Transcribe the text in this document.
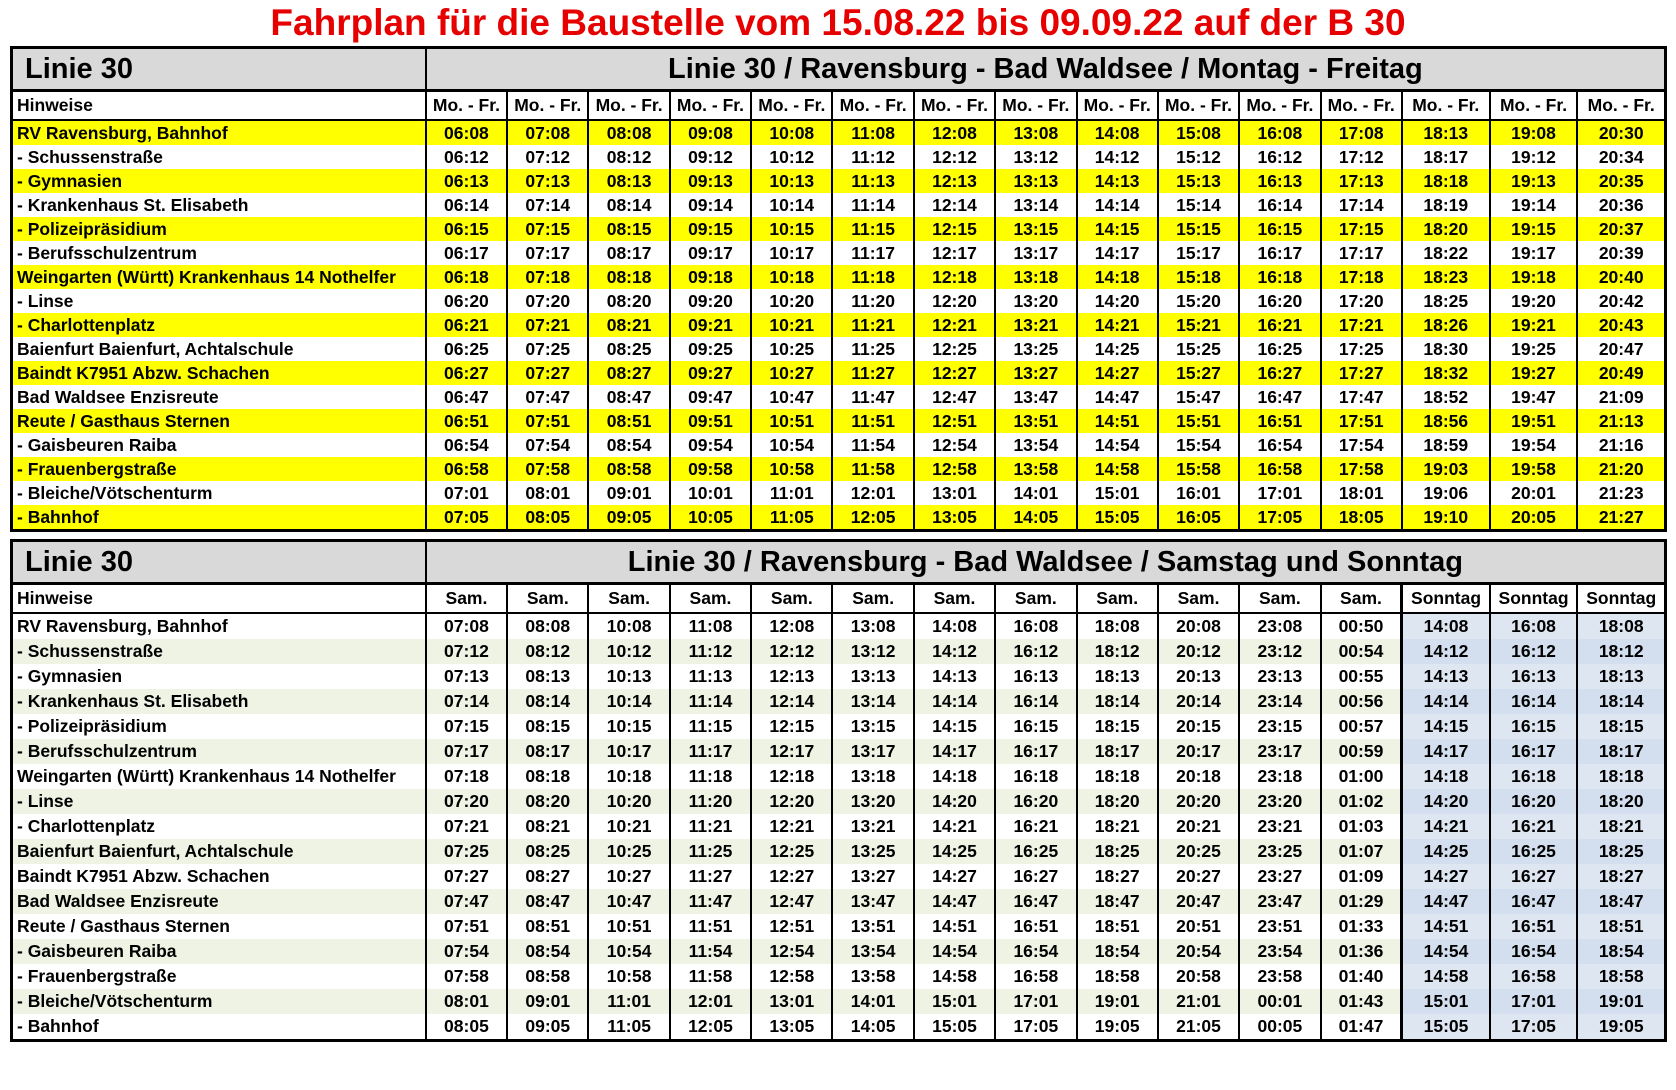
Fahrplan für die Baustelle vom 15.08.22 bis 09.09.22 auf der B 30
Linie 30	Linie 30 / Ravensburg - Bad Waldsee / Montag - Freitag														
Hinweise	Mo. - Fr.	Mo. - Fr.	Mo. - Fr.	Mo. - Fr.	Mo. - Fr.	Mo. - Fr.	Mo. - Fr.	Mo. - Fr.	Mo. - Fr.	Mo. - Fr.	Mo. - Fr.	Mo. - Fr.	Mo. - Fr.	Mo. - Fr.	Mo. - Fr.
RV Ravensburg, Bahnhof	06:08	07:08	08:08	09:08	10:08	11:08	12:08	13:08	14:08	15:08	16:08	17:08	18:13	19:08	20:30
- Schussenstraße	06:12	07:12	08:12	09:12	10:12	11:12	12:12	13:12	14:12	15:12	16:12	17:12	18:17	19:12	20:34
- Gymnasien	06:13	07:13	08:13	09:13	10:13	11:13	12:13	13:13	14:13	15:13	16:13	17:13	18:18	19:13	20:35
- Krankenhaus St. Elisabeth	06:14	07:14	08:14	09:14	10:14	11:14	12:14	13:14	14:14	15:14	16:14	17:14	18:19	19:14	20:36
- Polizeipräsidium	06:15	07:15	08:15	09:15	10:15	11:15	12:15	13:15	14:15	15:15	16:15	17:15	18:20	19:15	20:37
- Berufsschulzentrum	06:17	07:17	08:17	09:17	10:17	11:17	12:17	13:17	14:17	15:17	16:17	17:17	18:22	19:17	20:39
Weingarten (Württ) Krankenhaus 14 Nothelfer	06:18	07:18	08:18	09:18	10:18	11:18	12:18	13:18	14:18	15:18	16:18	17:18	18:23	19:18	20:40
- Linse	06:20	07:20	08:20	09:20	10:20	11:20	12:20	13:20	14:20	15:20	16:20	17:20	18:25	19:20	20:42
- Charlottenplatz	06:21	07:21	08:21	09:21	10:21	11:21	12:21	13:21	14:21	15:21	16:21	17:21	18:26	19:21	20:43
Baienfurt Baienfurt, Achtalschule	06:25	07:25	08:25	09:25	10:25	11:25	12:25	13:25	14:25	15:25	16:25	17:25	18:30	19:25	20:47
Baindt K7951 Abzw. Schachen	06:27	07:27	08:27	09:27	10:27	11:27	12:27	13:27	14:27	15:27	16:27	17:27	18:32	19:27	20:49
Bad Waldsee Enzisreute	06:47	07:47	08:47	09:47	10:47	11:47	12:47	13:47	14:47	15:47	16:47	17:47	18:52	19:47	21:09
Reute / Gasthaus Sternen	06:51	07:51	08:51	09:51	10:51	11:51	12:51	13:51	14:51	15:51	16:51	17:51	18:56	19:51	21:13
- Gaisbeuren Raiba	06:54	07:54	08:54	09:54	10:54	11:54	12:54	13:54	14:54	15:54	16:54	17:54	18:59	19:54	21:16
- Frauenbergstraße	06:58	07:58	08:58	09:58	10:58	11:58	12:58	13:58	14:58	15:58	16:58	17:58	19:03	19:58	21:20
- Bleiche/Vötschenturm	07:01	08:01	09:01	10:01	11:01	12:01	13:01	14:01	15:01	16:01	17:01	18:01	19:06	20:01	21:23
- Bahnhof	07:05	08:05	09:05	10:05	11:05	12:05	13:05	14:05	15:05	16:05	17:05	18:05	19:10	20:05	21:27
Linie 30	Linie 30 / Ravensburg - Bad Waldsee / Samstag und Sonntag														
Hinweise	Sam.	Sam.	Sam.	Sam.	Sam.	Sam.	Sam.	Sam.	Sam.	Sam.	Sam.	Sam.	Sonntag	Sonntag	Sonntag
RV Ravensburg, Bahnhof	07:08	08:08	10:08	11:08	12:08	13:08	14:08	16:08	18:08	20:08	23:08	00:50	14:08	16:08	18:08
- Schussenstraße	07:12	08:12	10:12	11:12	12:12	13:12	14:12	16:12	18:12	20:12	23:12	00:54	14:12	16:12	18:12
- Gymnasien	07:13	08:13	10:13	11:13	12:13	13:13	14:13	16:13	18:13	20:13	23:13	00:55	14:13	16:13	18:13
- Krankenhaus St. Elisabeth	07:14	08:14	10:14	11:14	12:14	13:14	14:14	16:14	18:14	20:14	23:14	00:56	14:14	16:14	18:14
- Polizeipräsidium	07:15	08:15	10:15	11:15	12:15	13:15	14:15	16:15	18:15	20:15	23:15	00:57	14:15	16:15	18:15
- Berufsschulzentrum	07:17	08:17	10:17	11:17	12:17	13:17	14:17	16:17	18:17	20:17	23:17	00:59	14:17	16:17	18:17
Weingarten (Württ) Krankenhaus 14 Nothelfer	07:18	08:18	10:18	11:18	12:18	13:18	14:18	16:18	18:18	20:18	23:18	01:00	14:18	16:18	18:18
- Linse	07:20	08:20	10:20	11:20	12:20	13:20	14:20	16:20	18:20	20:20	23:20	01:02	14:20	16:20	18:20
- Charlottenplatz	07:21	08:21	10:21	11:21	12:21	13:21	14:21	16:21	18:21	20:21	23:21	01:03	14:21	16:21	18:21
Baienfurt Baienfurt, Achtalschule	07:25	08:25	10:25	11:25	12:25	13:25	14:25	16:25	18:25	20:25	23:25	01:07	14:25	16:25	18:25
Baindt K7951 Abzw. Schachen	07:27	08:27	10:27	11:27	12:27	13:27	14:27	16:27	18:27	20:27	23:27	01:09	14:27	16:27	18:27
Bad Waldsee Enzisreute	07:47	08:47	10:47	11:47	12:47	13:47	14:47	16:47	18:47	20:47	23:47	01:29	14:47	16:47	18:47
Reute / Gasthaus Sternen	07:51	08:51	10:51	11:51	12:51	13:51	14:51	16:51	18:51	20:51	23:51	01:33	14:51	16:51	18:51
- Gaisbeuren Raiba	07:54	08:54	10:54	11:54	12:54	13:54	14:54	16:54	18:54	20:54	23:54	01:36	14:54	16:54	18:54
- Frauenbergstraße	07:58	08:58	10:58	11:58	12:58	13:58	14:58	16:58	18:58	20:58	23:58	01:40	14:58	16:58	18:58
- Bleiche/Vötschenturm	08:01	09:01	11:01	12:01	13:01	14:01	15:01	17:01	19:01	21:01	00:01	01:43	15:01	17:01	19:01
- Bahnhof	08:05	09:05	11:05	12:05	13:05	14:05	15:05	17:05	19:05	21:05	00:05	01:47	15:05	17:05	19:05
